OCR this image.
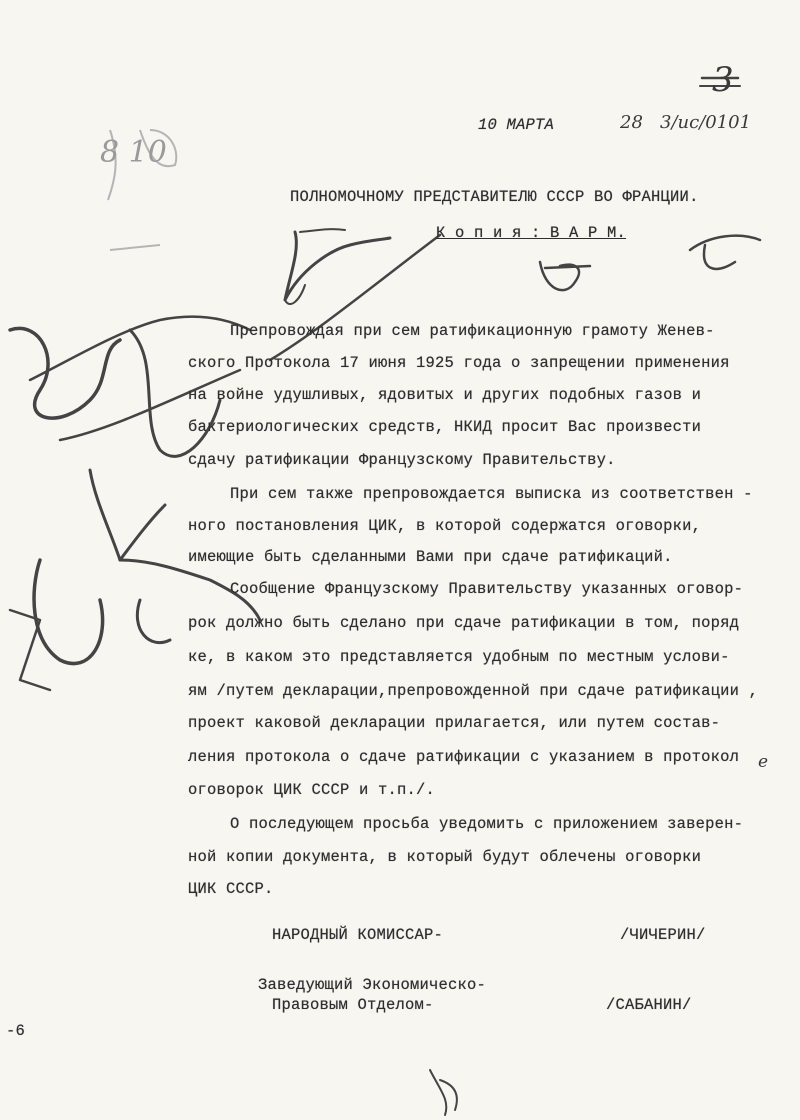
3
10 МАРТА	28 3/ис/0101
8 10
ПОЛНОМОЧНОМУ ПРЕДСТАВИТЕЛЮ СССР ВО ФРАНЦИИ.
К о п и я : В А Р М.
Препровождая при сем ратификационную грамоту Женев-
ского Протокола 17 июня 1925 года о запрещении применения
на войне удушливых, ядовитых и других подобных газов и
бактериологических средств, НКИД просит Вас произвести
сдачу ратификации Французскому Правительству.
При сем также препровождается выписка из соответствен -
ного постановления ЦИК, в которой содержатся оговорки,
имеющие быть сделанными Вами при сдаче ратификаций.
Сообщение Французскому Правительству указанных оговор-
рок должно быть сделано при сдаче ратификации в том, поряд
ке, в каком это представляется удобным по местным услови-
ям /путем декларации,препровожденной при сдаче ратификации ,
проект каковой декларации прилагается, или путем состав-
ления протокола о сдаче ратификации с указанием в протокол е
оговорок ЦИК СССР и т.п./.
О последующем просьба уведомить с приложением заверен-
ной копии документа, в который будут облечены оговорки
ЦИК СССР.
НАРОДНЫЙ КОМИССАР-	/ЧИЧЕРИН/
Заведующий Экономическо-
Правовым Отделом-	/САБАНИН/
-6
